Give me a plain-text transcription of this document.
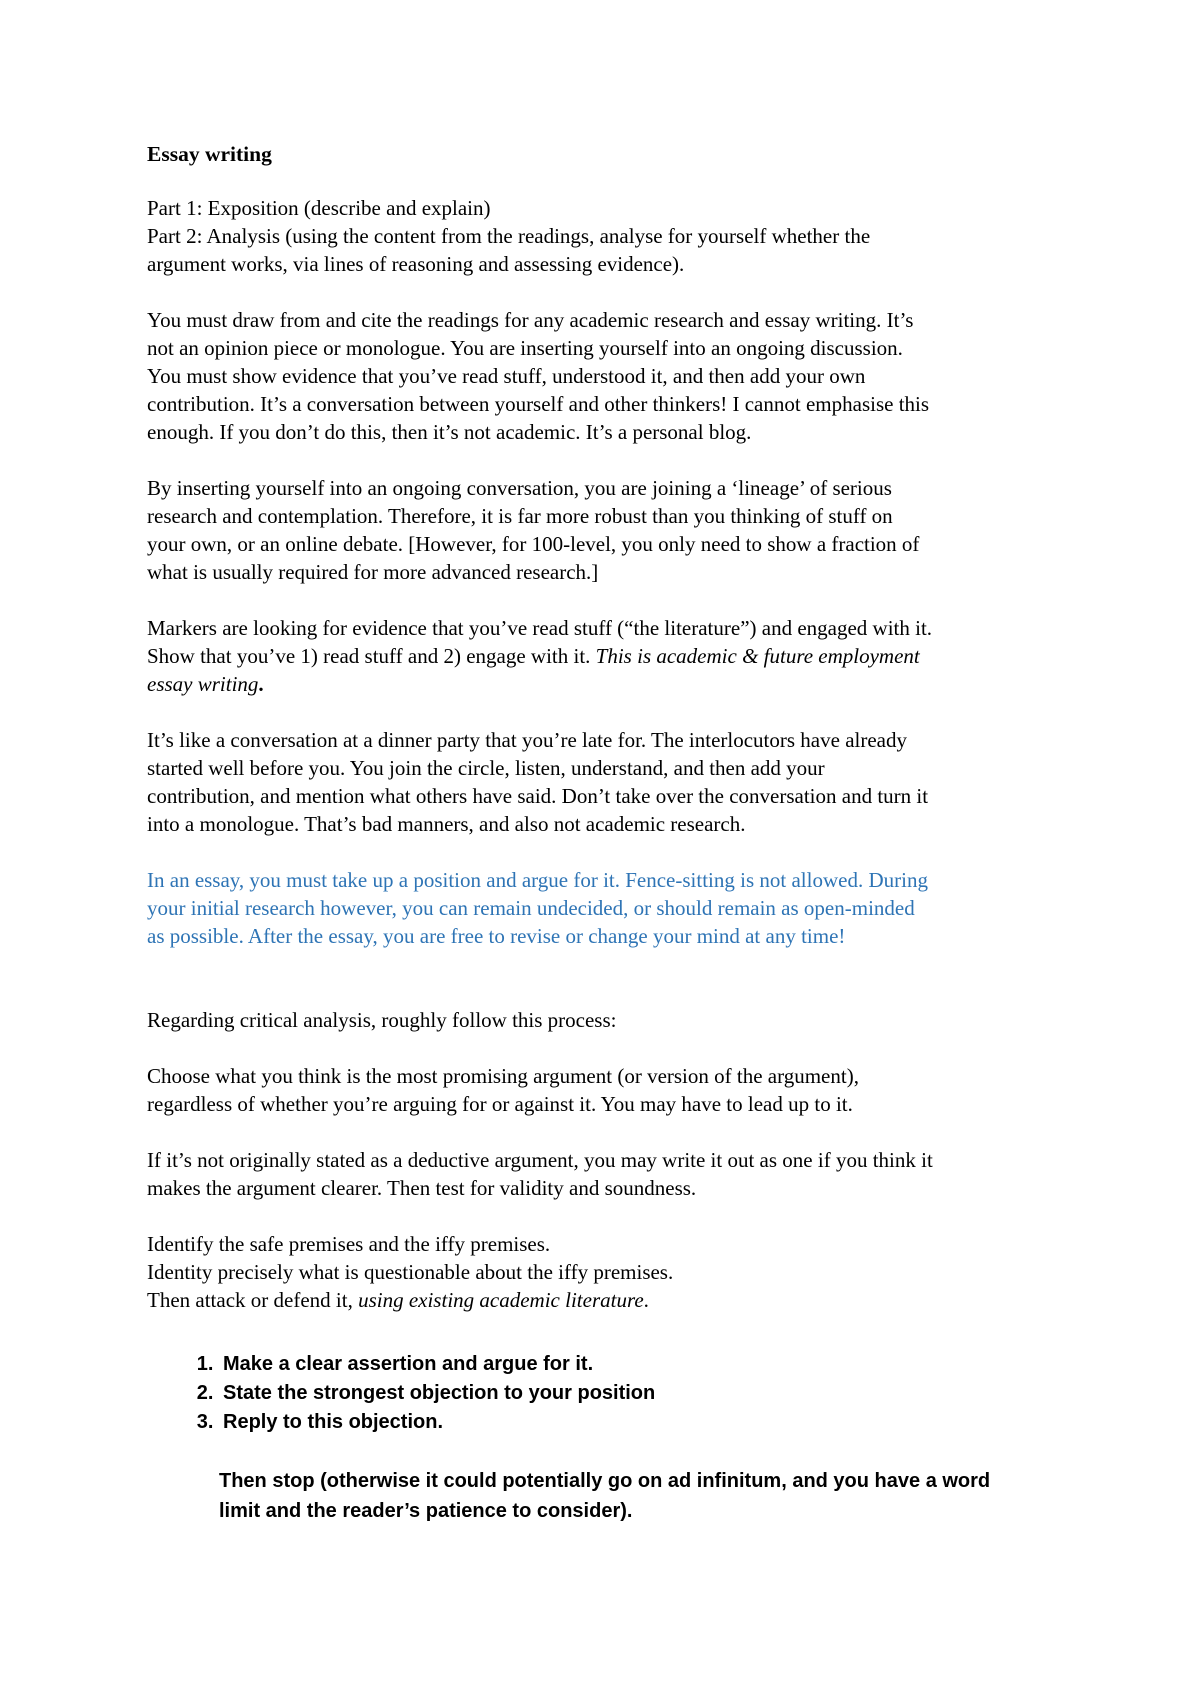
Essay writing

Part 1: Exposition (describe and explain)
Part 2: Analysis (using the content from the readings, analyse for yourself whether the
argument works, via lines of reasoning and assessing evidence).

You must draw from and cite the readings for any academic research and essay writing. It’s
not an opinion piece or monologue. You are inserting yourself into an ongoing discussion.
You must show evidence that you’ve read stuff, understood it, and then add your own
contribution. It’s a conversation between yourself and other thinkers! I cannot emphasise this
enough. If you don’t do this, then it’s not academic. It’s a personal blog.

By inserting yourself into an ongoing conversation, you are joining a ‘lineage’ of serious
research and contemplation. Therefore, it is far more robust than you thinking of stuff on
your own, or an online debate. [However, for 100-level, you only need to show a fraction of
what is usually required for more advanced research.]

Markers are looking for evidence that you’ve read stuff (“the literature”) and engaged with it.
Show that you’ve 1) read stuff and 2) engage with it. This is academic & future employment
essay writing.

It’s like a conversation at a dinner party that you’re late for. The interlocutors have already
started well before you. You join the circle, listen, understand, and then add your
contribution, and mention what others have said. Don’t take over the conversation and turn it
into a monologue. That’s bad manners, and also not academic research.

In an essay, you must take up a position and argue for it. Fence-sitting is not allowed. During
your initial research however, you can remain undecided, or should remain as open-minded
as possible. After the essay, you are free to revise or change your mind at any time!

Regarding critical analysis, roughly follow this process:

Choose what you think is the most promising argument (or version of the argument),
regardless of whether you’re arguing for or against it. You may have to lead up to it.

If it’s not originally stated as a deductive argument, you may write it out as one if you think it
makes the argument clearer. Then test for validity and soundness.

Identify the safe premises and the iffy premises.
Identity precisely what is questionable about the iffy premises.
Then attack or defend it, using existing academic literature.

1. Make a clear assertion and argue for it.
2. State the strongest objection to your position
3. Reply to this objection.
Then stop (otherwise it could potentially go on ad infinitum, and you have a word
limit and the reader’s patience to consider).
